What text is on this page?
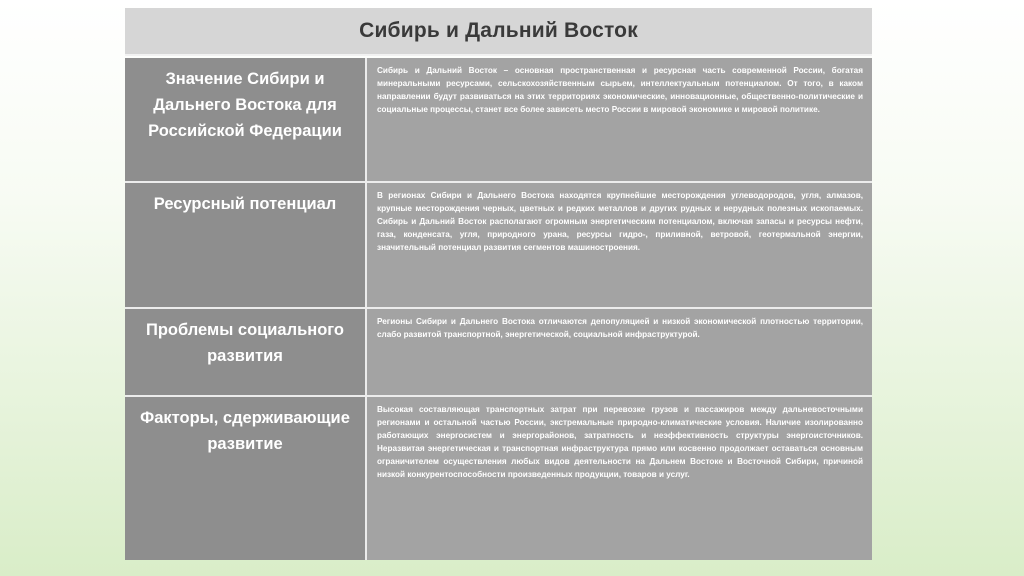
Сибирь и Дальний Восток
Значение Сибири и Дальнего Востока для Российской Федерации
Сибирь и Дальний Восток – основная пространственная и ресурсная часть современной России, богатая минеральными ресурсами, сельскохозяйственным сырьем, интеллектуальным потенциалом. От того, в каком направлении будут развиваться на этих территориях экономические, инновационные, общественно-политические и социальные процессы, станет все более зависеть место России в мировой экономике и мировой политике.
Ресурсный потенциал	В регионах Сибири и Дальнего Востока находятся крупнейшие месторождения углеводородов, угля, алмазов, крупные месторождения черных, цветных и редких металлов и других рудных и нерудных полезных ископаемых. Сибирь и Дальний Восток располагают огромным энергетическим потенциалом, включая запасы и ресурсы нефти, газа, конденсата, угля, природного урана, ресурсы гидро-, приливной, ветровой, геотермальной энергии, значительный потенциал развития сегментов машиностроения.
Проблемы социального развития
Регионы Сибири и Дальнего Востока отличаются депопуляцией и низкой экономической плотностью территории, слабо развитой транспортной, энергетической, социальной инфраструктурой.
Факторы, сдерживающие развитие
Высокая составляющая транспортных затрат при перевозке грузов и пассажиров между дальневосточными регионами и остальной частью России, экстремальные природно-климатические условия. Наличие изолированно работающих энергосистем и энергорайонов, затратность и неэффективность структуры энергоисточников. Неразвитая энергетическая и транспортная инфраструктура прямо или косвенно продолжает оставаться основным ограничителем осуществления любых видов деятельности на Дальнем Востоке и Восточной Сибири, причиной низкой конкурентоспособности произведенных продукции, товаров и услуг.
